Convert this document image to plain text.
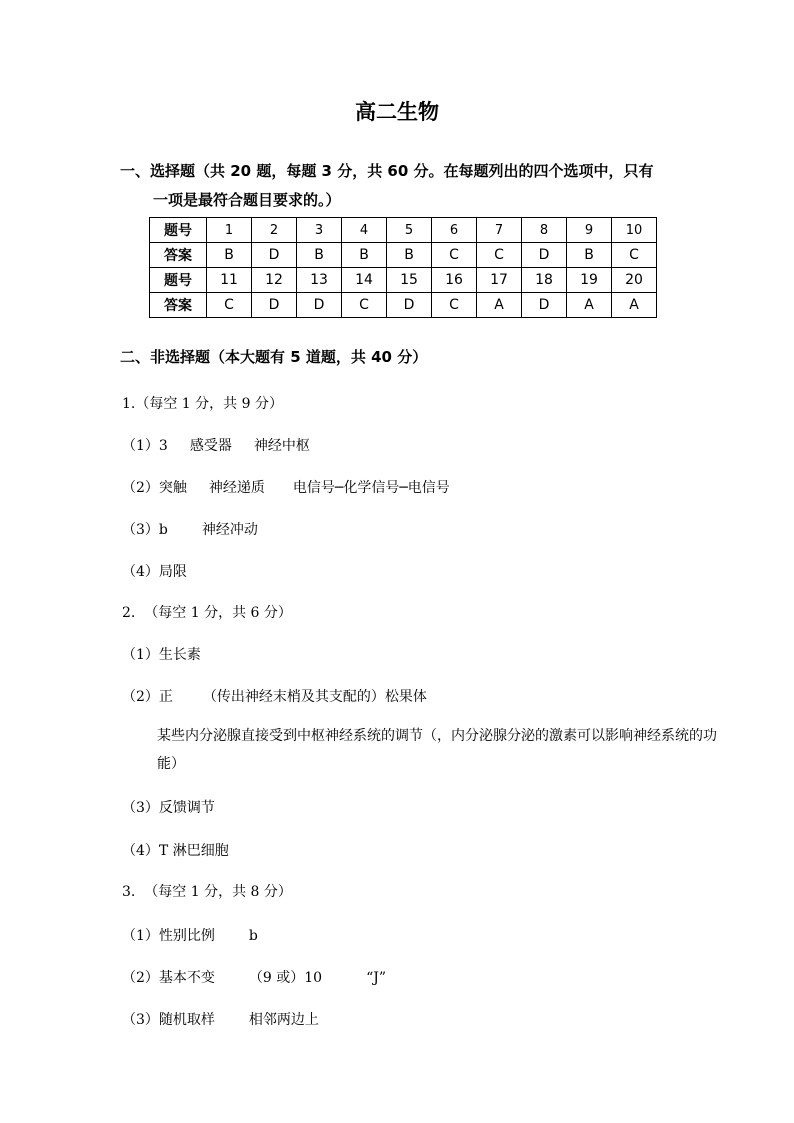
高二生物
一、选择题（共 20 题，每题 3 分，共 60 分。在每题列出的四个选项中，只有
一项是最符合题目要求的。）
题号	1	2	3	4	5	6	7	8	9	10
答案	B	D	B	B	B	C	C	D	B	C
题号	11	12	13	14	15	16	17	18	19	20
答案	C	D	D	C	D	C	A	D	A	A
二、非选择题（本大题有 5 道题，共 40 分）
1.（每空 1 分，共 9 分）
（1）3 感受器 神经中枢
（2）突触 神经递质 电信号─化学信号─电信号
（3）b 神经冲动
（4）局限
2.  （每空 1 分，共 6 分）
（1）生长素
（2）正 （传出神经末梢及其支配的）松果体
某些内分泌腺直接受到中枢神经系统的调节（，内分泌腺分泌的激素可以影响神经系统的功能）
（3）反馈调节
（4）T 淋巴细胞
3.  （每空 1 分，共 8 分）
（1）性别比例 b
（2）基本不变 （9 或）10	“J”
（3）随机取样 相邻两边上
